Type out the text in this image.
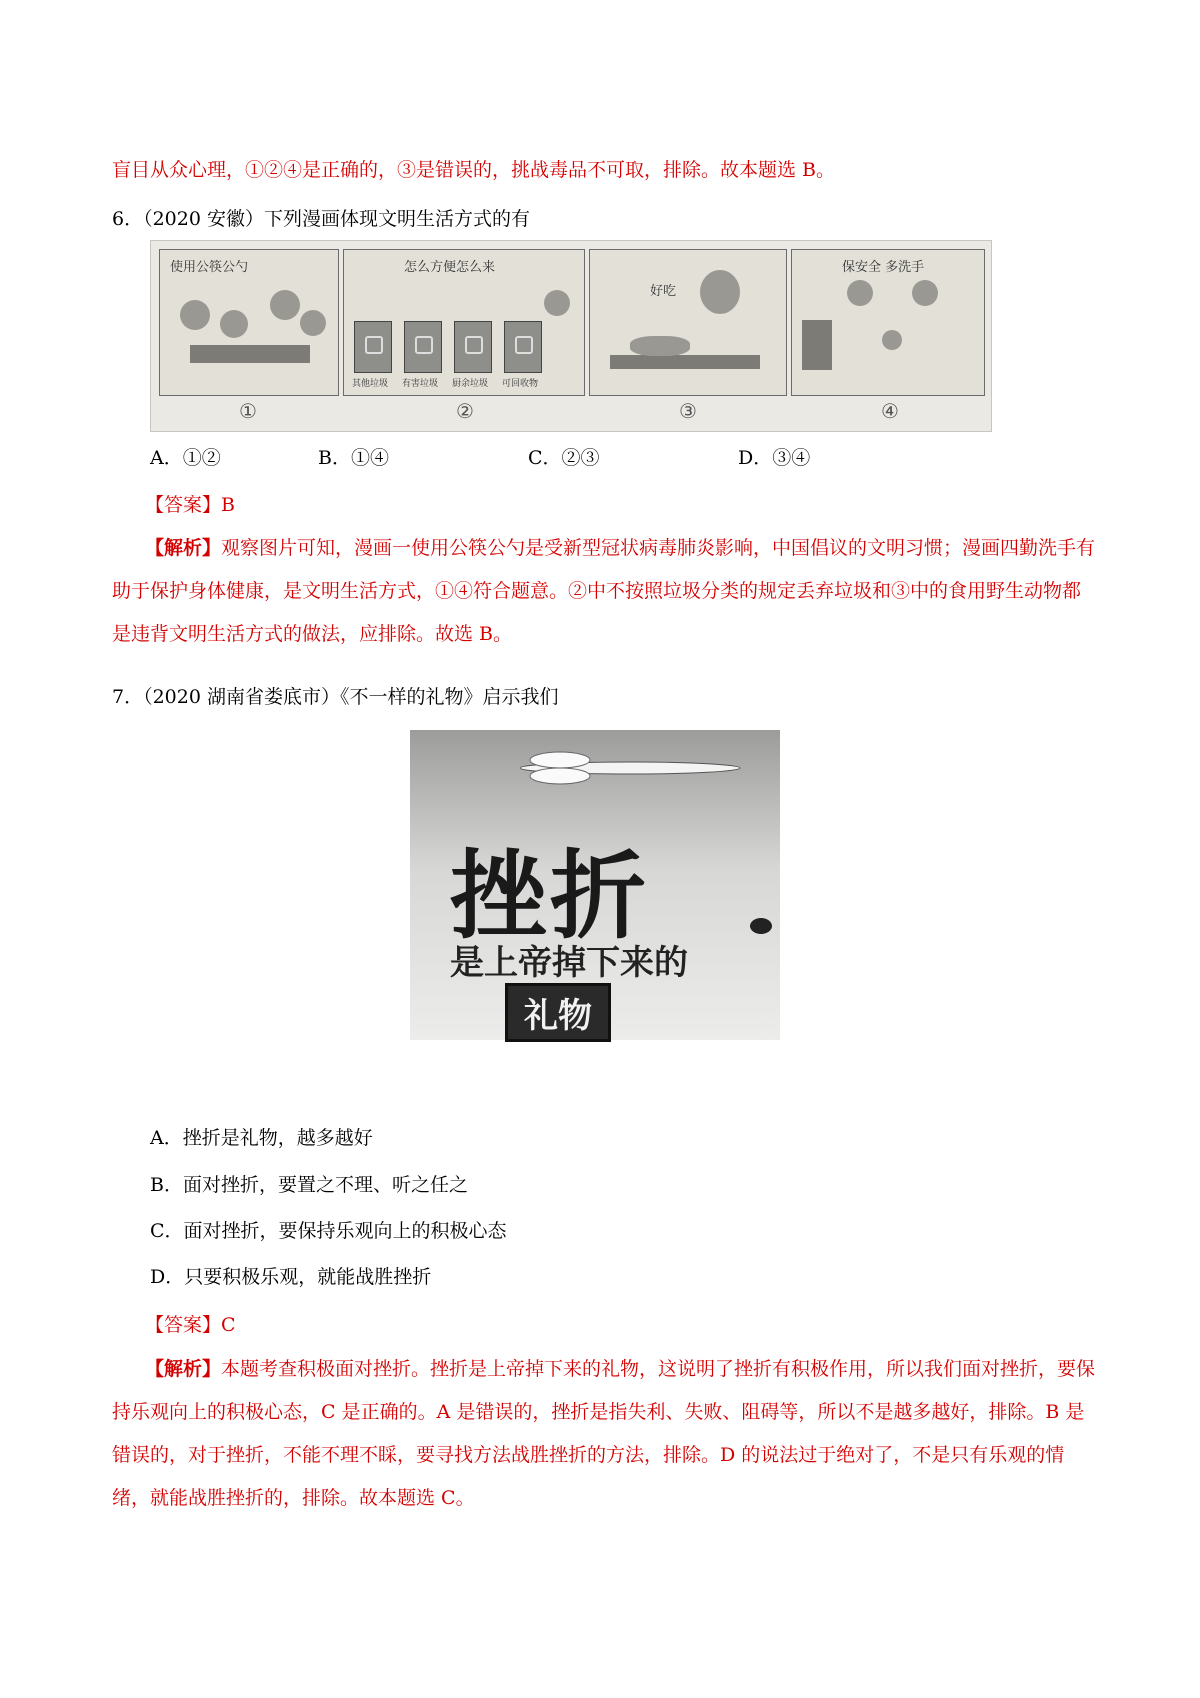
盲目从众心理，①②④是正确的，③是错误的，挑战毒品不可取，排除。故本题选 B。
6．（2020 安徽）下列漫画体现文明生活方式的有
使用公筷公勺	怎么方便怎么来
其他垃圾 有害垃圾 厨余垃圾 可回收物
好吃
保安全 多洗手
①	②	③	④
A．①②	B．①④	C．②③	D．③④
【答案】B
【解析】观察图片可知，漫画一使用公筷公勺是受新型冠状病毒肺炎影响，中国倡议的文明习惯；漫画四勤洗手有助于保护身体健康，是文明生活方式，①④符合题意。②中不按照垃圾分类的规定丢弃垃圾和③中的食用野生动物都是违背文明生活方式的做法，应排除。故选 B。
7．（2020 湖南省娄底市）《不一样的礼物》启示我们
挫折
是上帝掉下来的
礼物
A．挫折是礼物，越多越好
B．面对挫折，要置之不理、听之任之
C．面对挫折，要保持乐观向上的积极心态
D．只要积极乐观，就能战胜挫折
【答案】C
【解析】本题考查积极面对挫折。挫折是上帝掉下来的礼物，这说明了挫折有积极作用，所以我们面对挫折，要保持乐观向上的积极心态，C 是正确的。A 是错误的，挫折是指失利、失败、阻碍等，所以不是越多越好，排除。B 是错误的，对于挫折，不能不理不睬，要寻找方法战胜挫折的方法，排除。D 的说法过于绝对了，不是只有乐观的情绪，就能战胜挫折的，排除。故本题选 C。
